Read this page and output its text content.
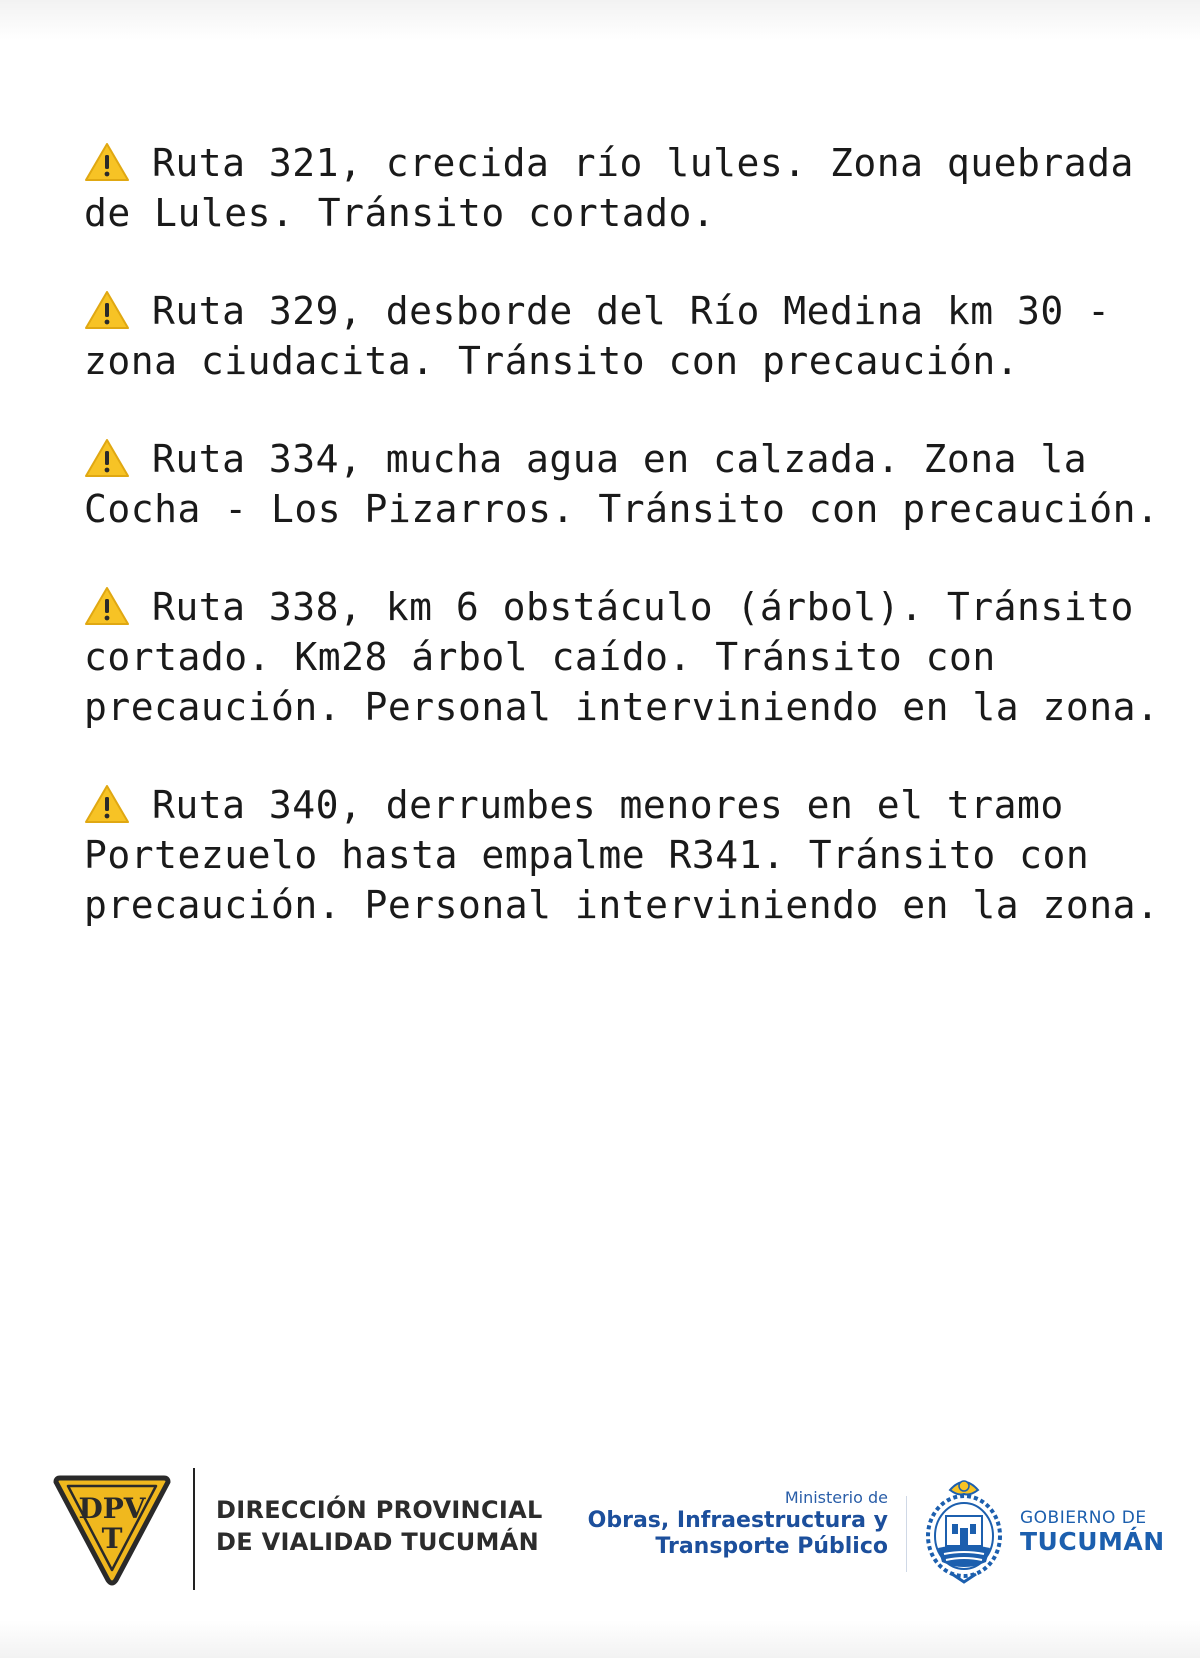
Ruta 321, crecida río lules. Zona quebrada de Lules. Tránsito cortado.

Ruta 329, desborde del Río Medina km 30 - zona ciudacita. Tránsito con precaución.

Ruta 334, mucha agua en calzada. Zona la Cocha - Los Pizarros. Tránsito con precaución.

Ruta 338, km 6 obstáculo (árbol). Tránsito cortado. Km28 árbol caído. Tránsito con precaución. Personal interviniendo en la zona.

Ruta 340, derrumbes menores en el tramo Portezuelo hasta empalme R341. Tránsito con precaución. Personal interviniendo en la zona.

DPV
T
DIRECCIÓN PROVINCIAL
DE VIALIDAD TUCUMÁN
Ministerio de
Obras, Infraestructura y
Transporte Público
GOBIERNO DE
TUCUMÁN
